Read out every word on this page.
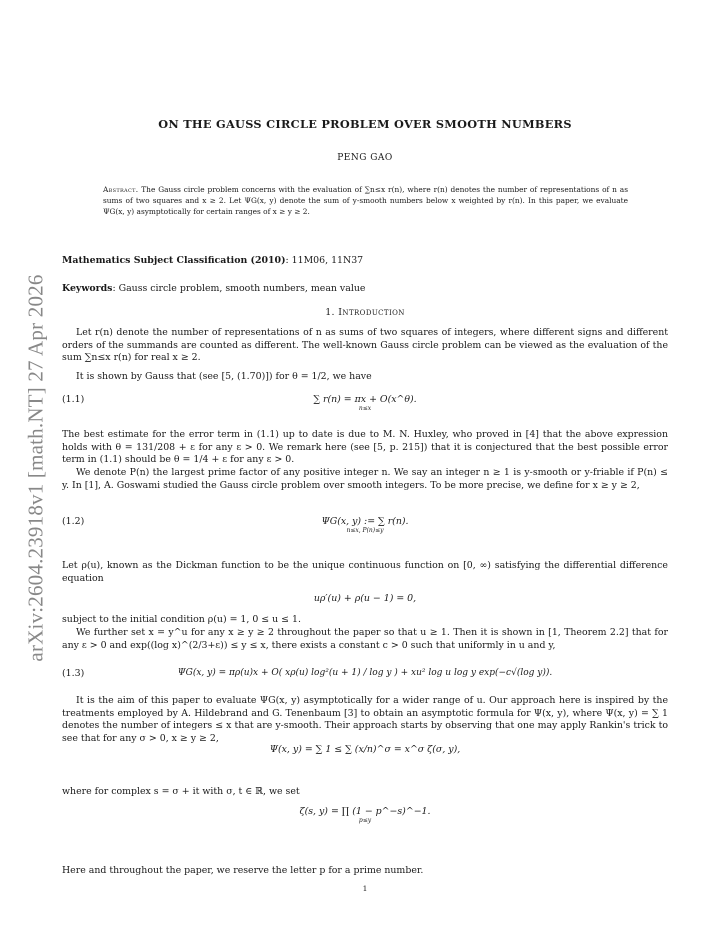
arXiv:2604.23918v1 [math.NT] 27 Apr 2026
ON THE GAUSS CIRCLE PROBLEM OVER SMOOTH NUMBERS
PENG GAO
Abstract. The Gauss circle problem concerns with the evaluation of ∑n≤x r(n), where r(n) denotes the number of representations of n as sums of two squares and x ≥ 2. Let ΨG(x, y) denote the sum of y-smooth numbers below x weighted by r(n). In this paper, we evaluate ΨG(x, y) asymptotically for certain ranges of x ≥ y ≥ 2.
Mathematics Subject Classification (2010): 11M06, 11N37
Keywords: Gauss circle problem, smooth numbers, mean value
1. Introduction
Let r(n) denote the number of representations of n as sums of two squares of integers, where different signs and different orders of the summands are counted as different. The well-known Gauss circle problem can be viewed as the evaluation of the sum ∑n≤x r(n) for real x ≥ 2.
It is shown by Gauss that (see [5, (1.70)]) for θ = 1/2, we have
(1.1)	∑ r(n) = πx + O(x^θ).
n≤x
The best estimate for the error term in (1.1) up to date is due to M. N. Huxley, who proved in [4] that the above expression holds with θ = 131/208 + ε for any ε > 0. We remark here (see [5, p. 215]) that it is conjectured that the best possible error term in (1.1) should be θ = 1/4 + ε for any ε > 0.
We denote P(n) the largest prime factor of any positive integer n. We say an integer n ≥ 1 is y-smooth or y-friable if P(n) ≤ y. In [1], A. Goswami studied the Gauss circle problem over smooth integers. To be more precise, we define for x ≥ y ≥ 2,
(1.2)	ΨG(x, y) := ∑ r(n).
n≤x, P(n)≤y
Let ρ(u), known as the Dickman function to be the unique continuous function on [0, ∞) satisfying the differential difference equation
uρ′(u) + ρ(u − 1) = 0,
subject to the initial condition ρ(u) = 1, 0 ≤ u ≤ 1.
We further set x = y^u for any x ≥ y ≥ 2 throughout the paper so that u ≥ 1. Then it is shown in [1, Theorem 2.2] that for any ε > 0 and exp((log x)^(2/3+ε)) ≤ y ≤ x, there exists a constant c > 0 such that uniformly in u and y,
(1.3)	ΨG(x, y) = πρ(u)x + O( xρ(u) log²(u + 1) / log y ) + xu² log u log y exp(−c√(log y)).
It is the aim of this paper to evaluate ΨG(x, y) asymptotically for a wider range of u. Our approach here is inspired by the treatments employed by A. Hildebrand and G. Tenenbaum [3] to obtain an asymptotic formula for Ψ(x, y), where Ψ(x, y) = ∑ 1 denotes the number of integers ≤ x that are y-smooth. Their approach starts by observing that one may apply Rankin's trick to see that for any σ > 0, x ≥ y ≥ 2,
Ψ(x, y) = ∑ 1 ≤ ∑ (x/n)^σ = x^σ ζ(σ, y),
where for complex s = σ + it with σ, t ∈ ℝ, we set
ζ(s, y) = ∏ (1 − p^−s)^−1.
p≤y
Here and throughout the paper, we reserve the letter p for a prime number.
1
